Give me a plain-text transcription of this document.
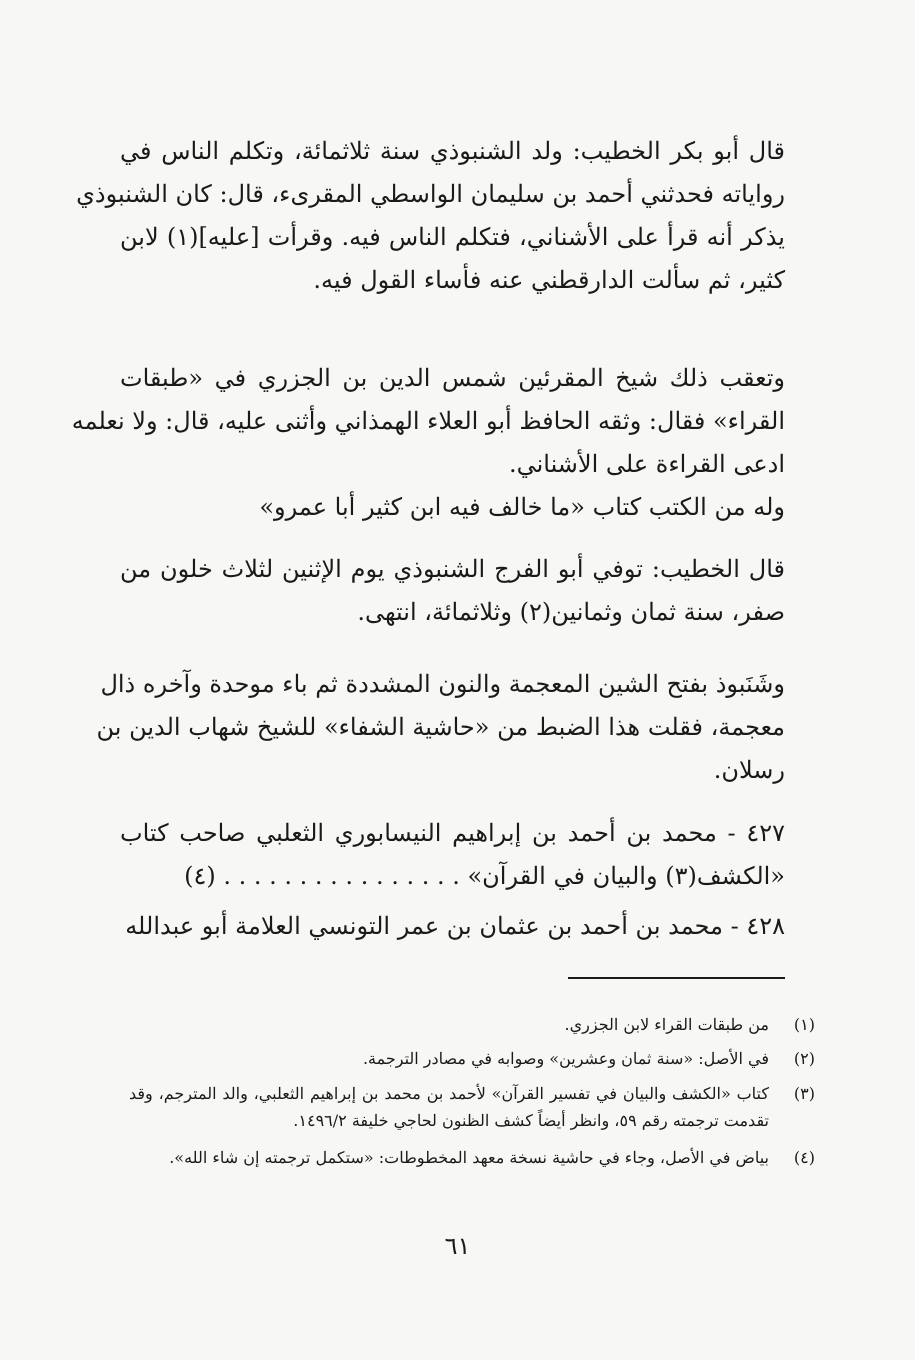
قال أبو بكر الخطيب: ولد الشنبوذي سنة ثلاثمائة، وتكلم الناس في
رواياته فحدثني أحمد بن سليمان الواسطي المقرىء، قال: كان الشنبوذي
يذكر أنه قرأ على الأشناني، فتكلم الناس فيه. وقرأت [عليه](١) لابن
كثير، ثم سألت الدارقطني عنه فأساء القول فيه.
وتعقب ذلك شيخ المقرئين شمس الدين بن الجزري في «طبقات
القراء» فقال: وثقه الحافظ أبو العلاء الهمذاني وأثنى عليه، قال: ولا نعلمه
ادعى القراءة على الأشناني.
وله من الكتب كتاب «ما خالف فيه ابن كثير أبا عمرو»
قال الخطيب: توفي أبو الفرج الشنبوذي يوم الإثنين لثلاث خلون من
صفر، سنة ثمان وثمانين(٢) وثلاثمائة، انتهى.
وشَنَبوذ بفتح الشين المعجمة والنون المشددة ثم باء موحدة وآخره ذال
معجمة، فقلت هذا الضبط من «حاشية الشفاء» للشيخ شهاب الدين بن
رسلان.
٤٢٧ - محمد بن أحمد بن إبراهيم النيسابوري الثعلبي صاحب كتاب
«الكشف(٣) والبيان في القرآن» . . . . . . . . . . . . . . . . (٤)
٤٢٨ - محمد بن أحمد بن عثمان بن عمر التونسي العلامة أبو عبدالله
(١)من طبقات القراء لابن الجزري.
(٢)في الأصل: «سنة ثمان وعشرين» وصوابه في مصادر الترجمة.
(٣)كتاب «الكشف والبيان في تفسير القرآن» لأحمد بن محمد بن إبراهيم الثعلبي، والد المترجم، وقد تقدمت ترجمته رقم ٥٩، وانظر أيضاً كشف الظنون لحاجي خليفة ١٤٩٦/٢.
(٤)بياض في الأصل، وجاء في حاشية نسخة معهد المخطوطات: «ستكمل ترجمته إن شاء الله».
٦١
